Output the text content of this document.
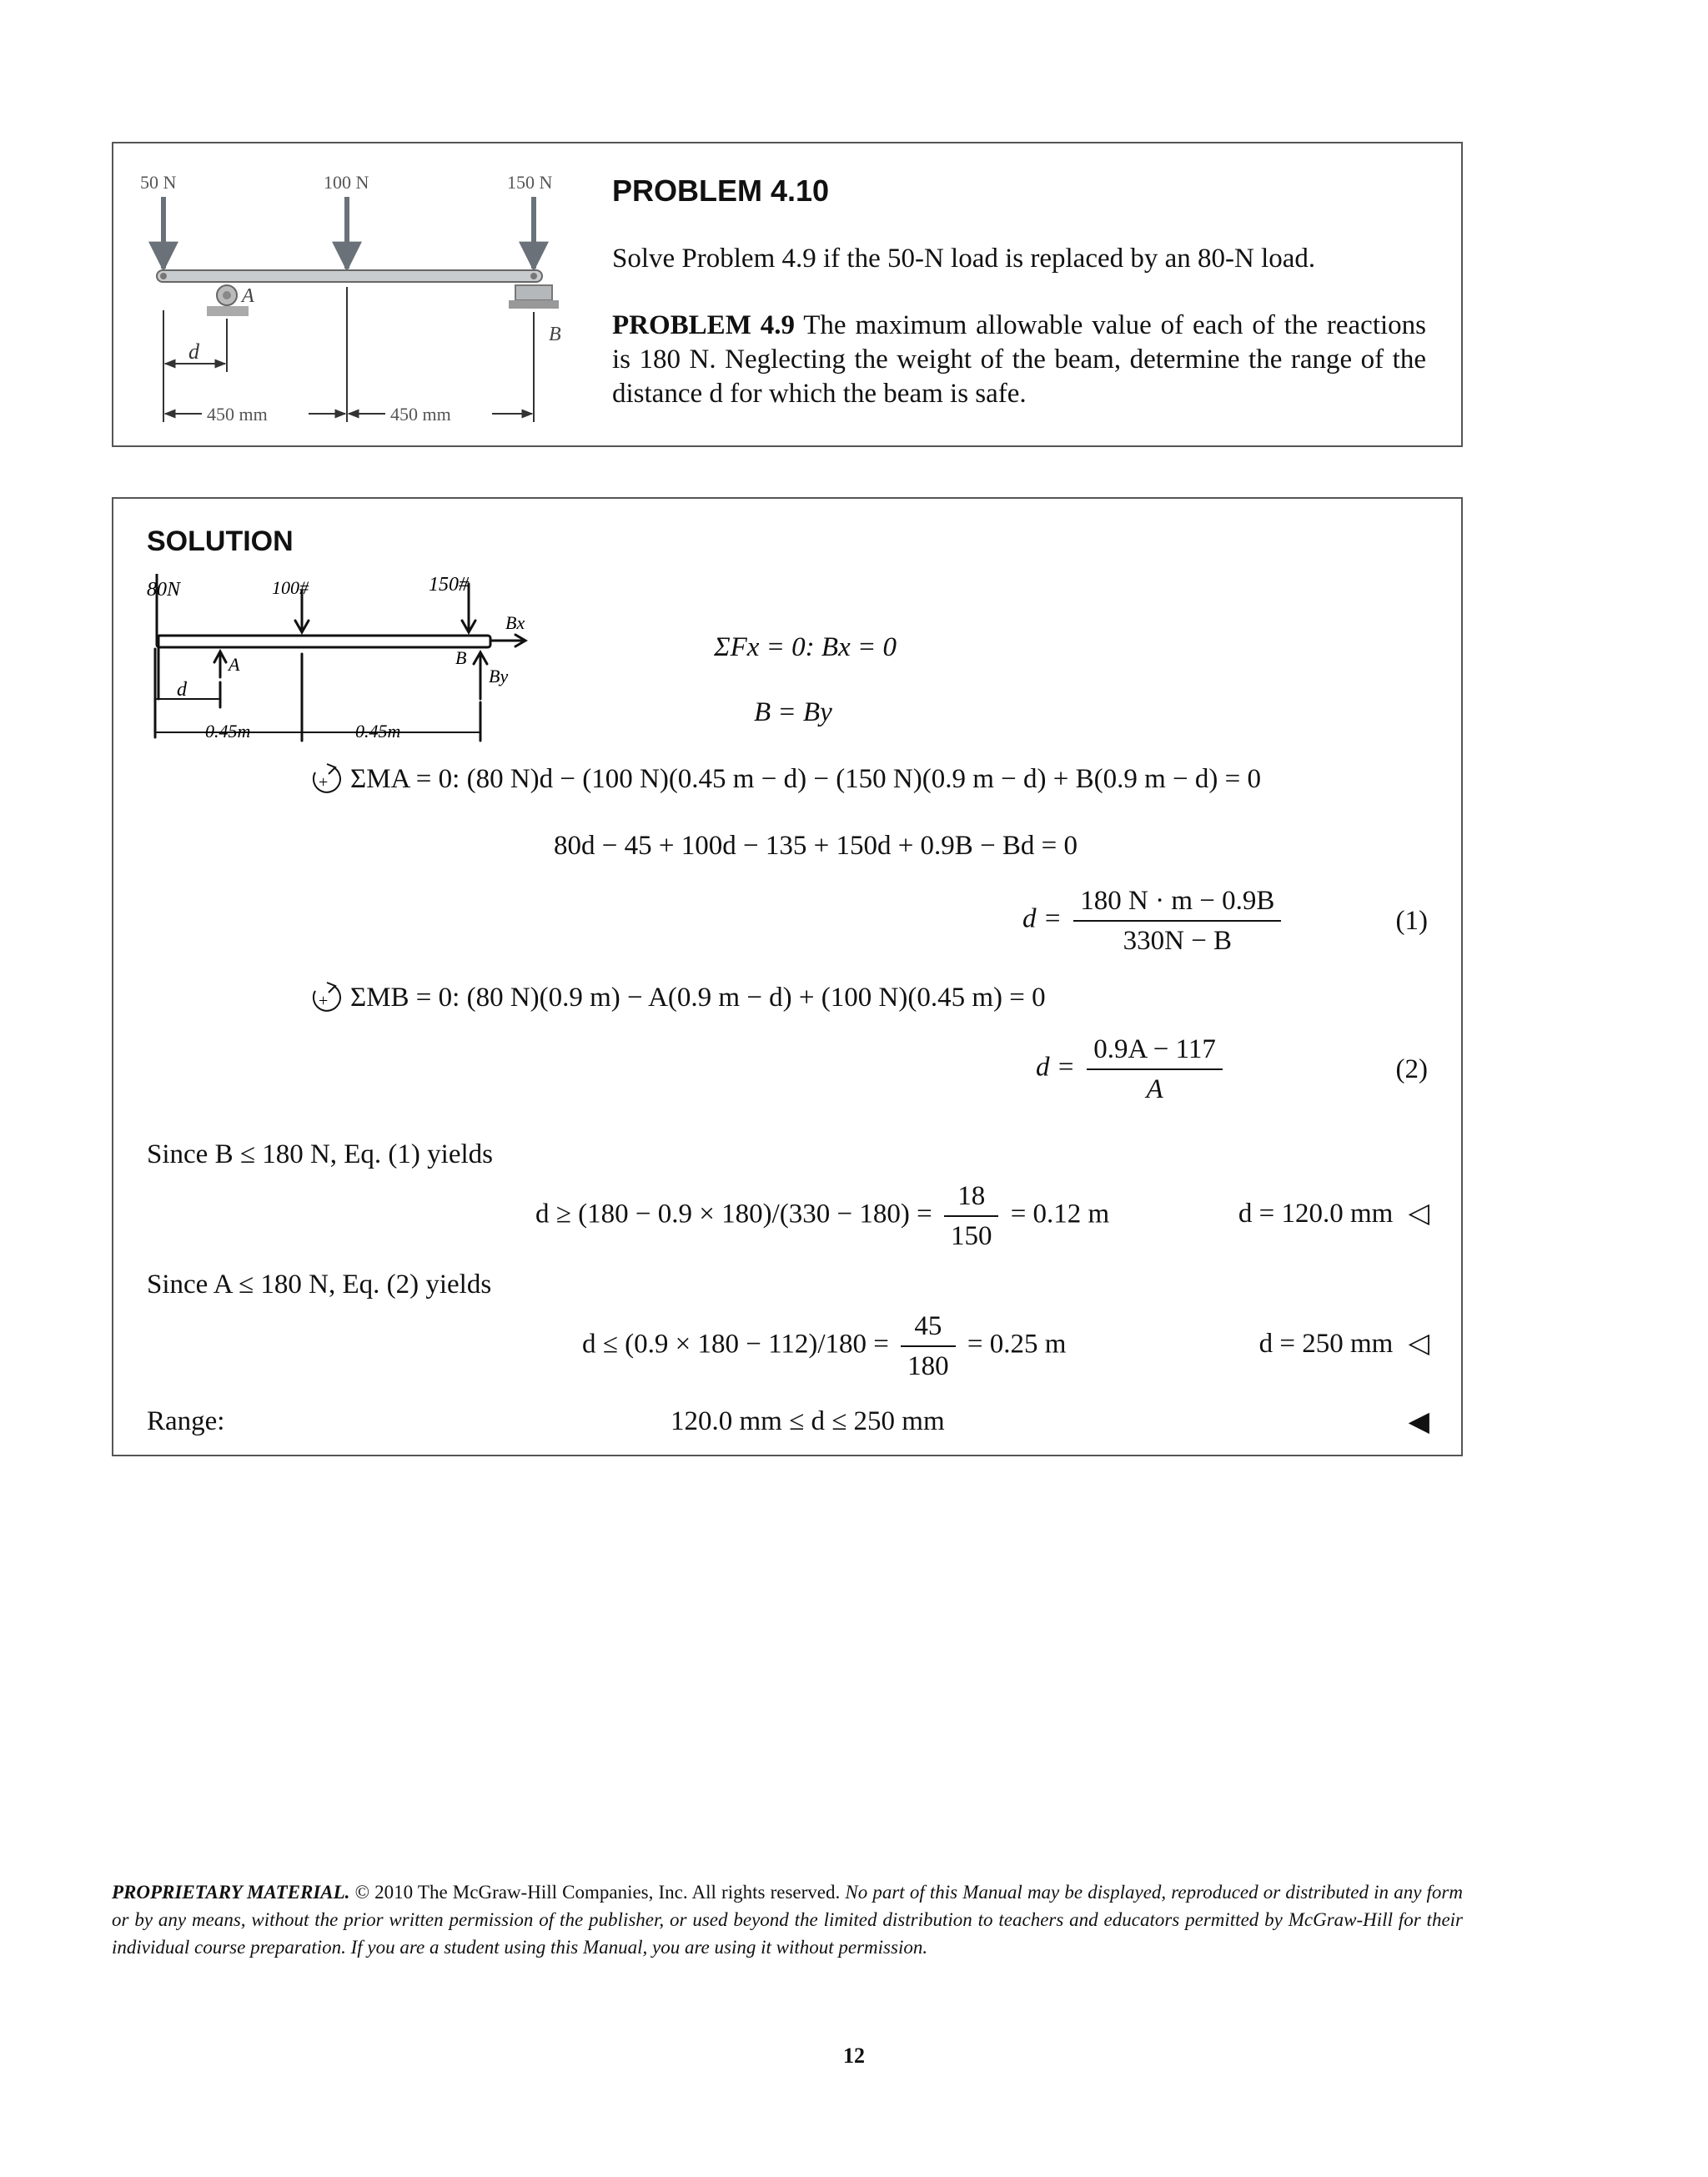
50 N	100 N	150 N
A
B
d
450 mm	450 mm
PROBLEM 4.10
Solve Problem 4.9 if the 50-N load is replaced by an 80-N load.
PROBLEM 4.9 The maximum allowable value of each of the reactions is 180 N. Neglecting the weight of the beam, determine the range of the distance d for which the beam is safe.
SOLUTION
80N	100#	150#
A	B
Bx
By
d
0.45m	0.45m
ΣFx = 0: Bx = 0
B = By
+ ΣMA = 0: (80 N)d − (100 N)(0.45 m − d) − (150 N)(0.9 m − d) + B(0.9 m − d) = 0
80d − 45 + 100d − 135 + 150d + 0.9B − Bd = 0
$d = \frac{180 N \cdot m - 0.9B}{330N - B}$	(1)
+ ΣMB = 0: (80 N)(0.9 m) − A(0.9 m − d) + (100 N)(0.45 m) = 0
$d = \frac{0.9A - 117}{A}$	(2)
Since B ≤ 180 N, Eq. (1) yields
$d \ge (180 - 0.9 \times 180)/(330 - 180) = \frac{18}{150} = 0.12$ m	d = 120.0 mm ◁
Since A ≤ 180 N, Eq. (2) yields
$d \le (0.9 \times 180 - 112)/180 = \frac{45}{180} = 0.25$ m	d = 250 mm ◁
Range:	120.0 mm ≤ d ≤ 250 mm	◀
PROPRIETARY MATERIAL. © 2010 The McGraw-Hill Companies, Inc. All rights reserved. No part of this Manual may be displayed, reproduced or distributed in any form or by any means, without the prior written permission of the publisher, or used beyond the limited distribution to teachers and educators permitted by McGraw-Hill for their individual course preparation. If you are a student using this Manual, you are using it without permission.
12
